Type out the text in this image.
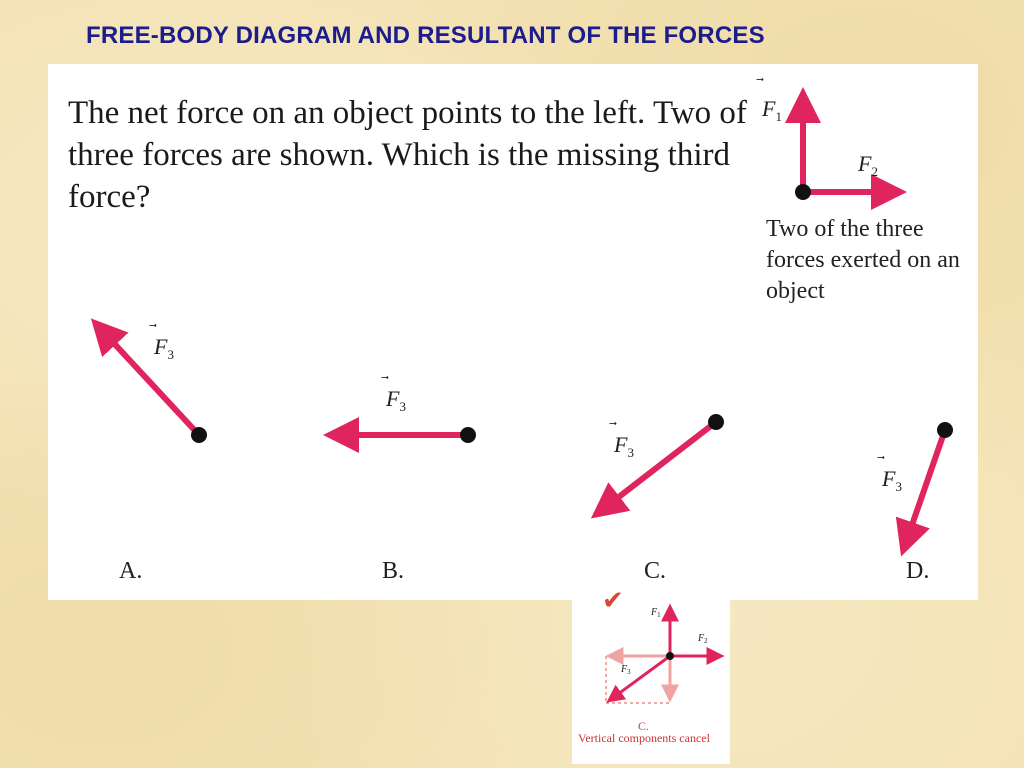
FREE-BODY DIAGRAM AND RESULTANT OF THE FORCES
The net force on an object points to the left. Two of three forces are shown. Which is the missing third force?
$F_1$
$F_2$
Two of the three forces exerted on an object
$F_3$
$F_3$
$F_3$
$F_3$
A.	B.	C.	D.
✔	$F_1$
$F_2$
$F_3$
C.
Vertical components cancel
